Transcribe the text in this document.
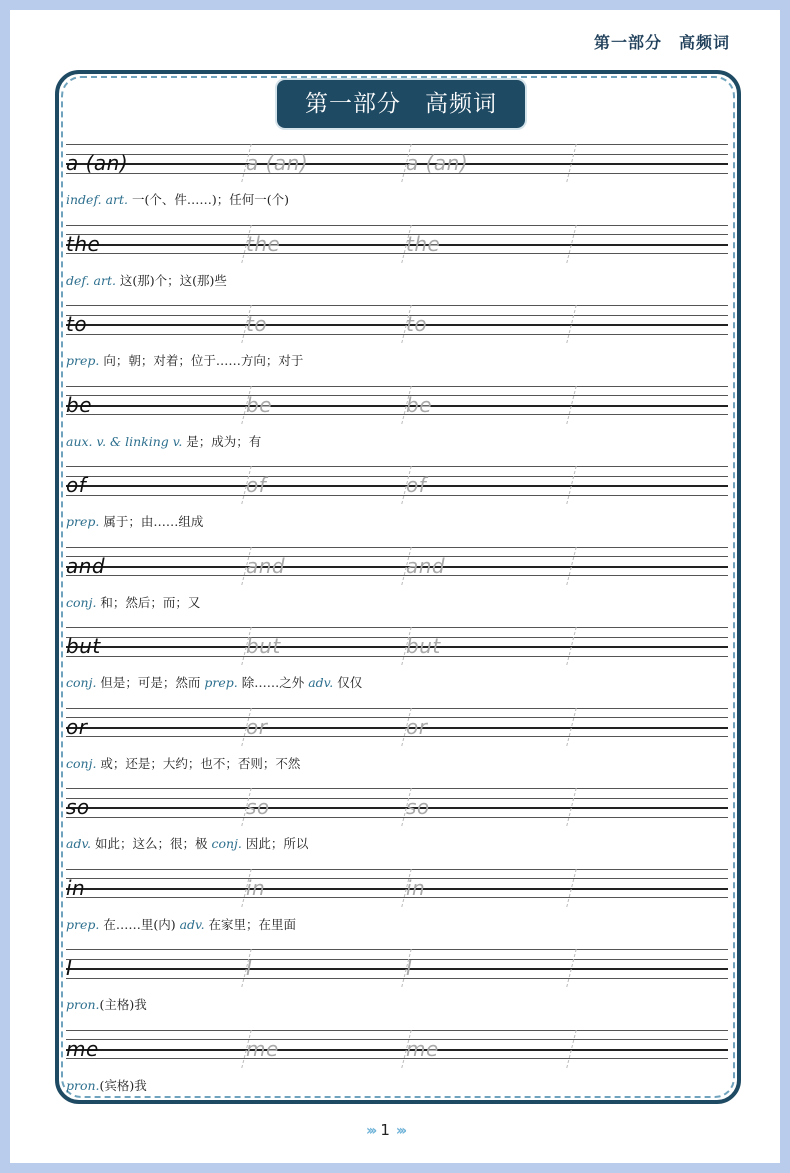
第一部分　高频词
第一部分　高频词
a (an)	a (an)	a (an)
indef. art. 一(个、件……)；任何一(个)
the	the	the
def. art. 这(那)个；这(那)些
to	to	to
prep. 向；朝；对着；位于……方向；对于
be	be	be
aux. v. & linking v. 是；成为；有
of	of	of
prep. 属于；由……组成
and	and	and
conj. 和；然后；而；又
but	but	but
conj. 但是；可是；然而 prep. 除……之外 adv. 仅仅
or	or	or
conj. 或；还是；大约；也不；否则；不然
so	so	so
adv. 如此；这么；很；极 conj. 因此；所以
in	in	in
prep. 在……里(内) adv. 在家里；在里面
I	I	I
pron.(主格)我
me	me	me
pron.(宾格)我
››› 1 ›››
